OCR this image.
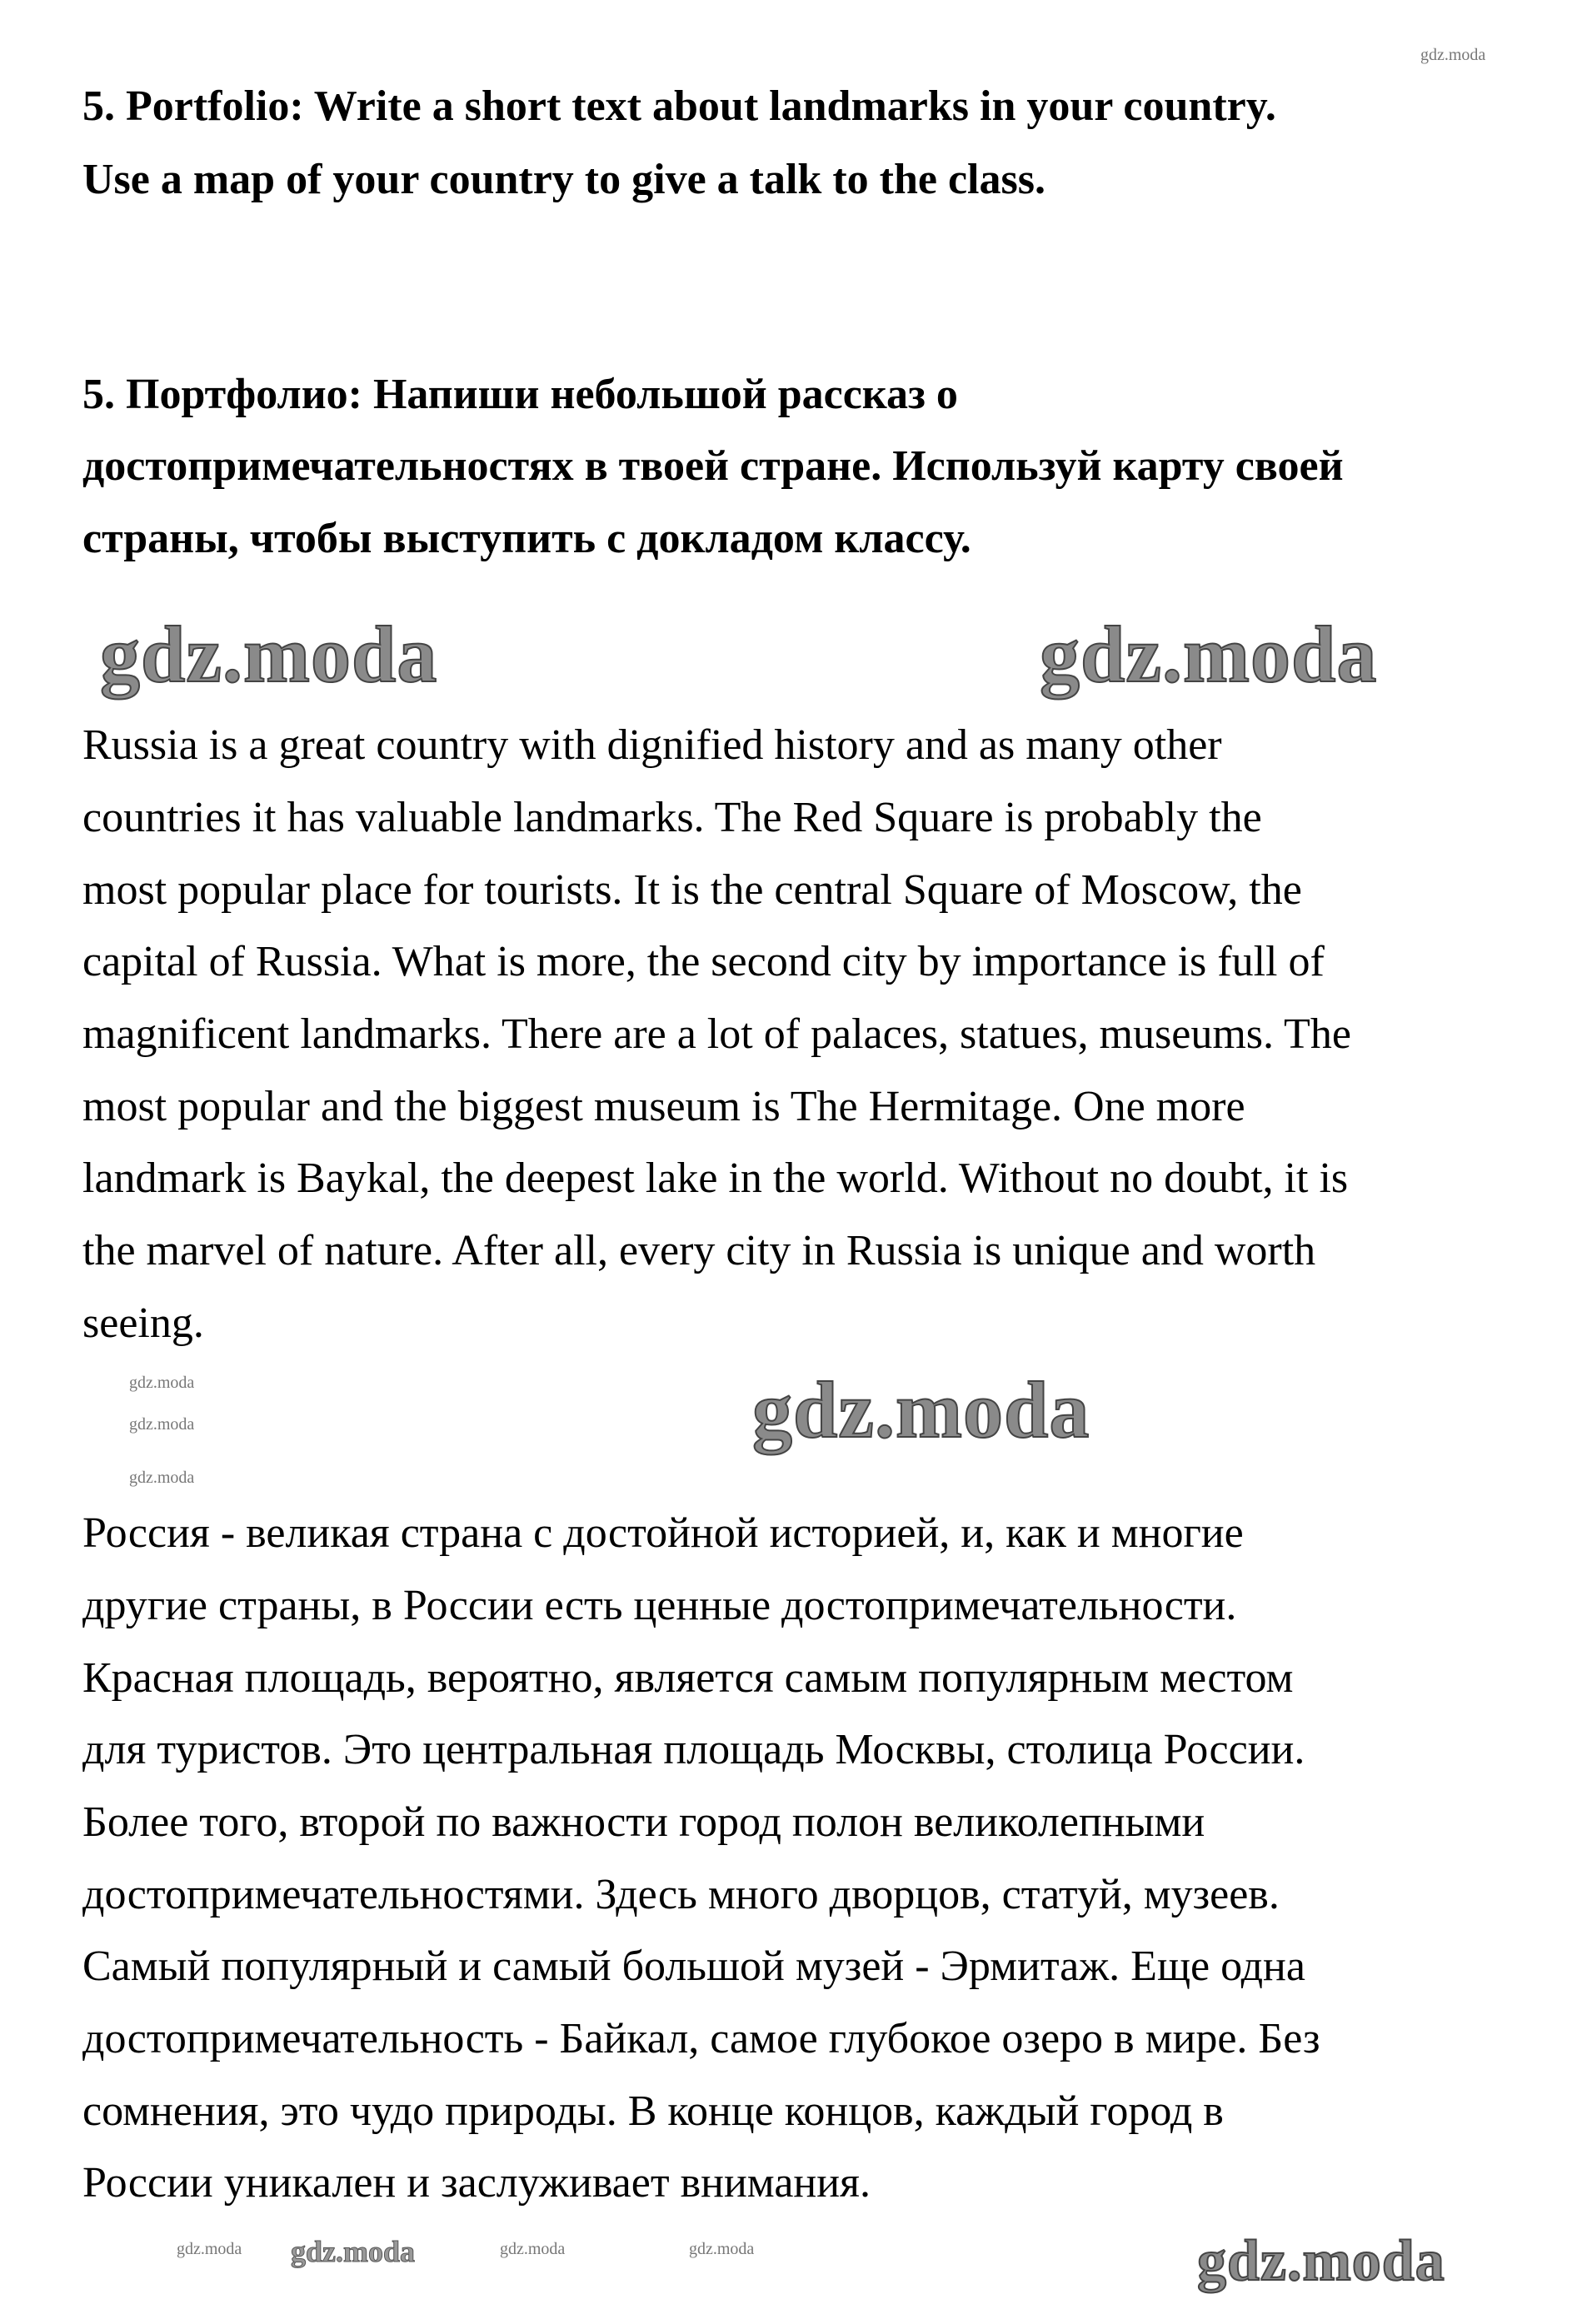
5. Portfolio: Write a short text about landmarks in your country.
Use a map of your country to give a talk to the class.
5. Портфолио: Напиши небольшой рассказ о
достопримечательностях в твоей стране. Используй карту своей
страны, чтобы выступить с докладом классу.
Russia is a great country with dignified history and as many other
countries it has valuable landmarks. The Red Square is probably the
most popular place for tourists. It is the central Square of Moscow, the
capital of Russia. What is more, the second city by importance is full of
magnificent landmarks. There are a lot of palaces, statues, museums. The
most popular and the biggest museum is The Hermitage. One more
landmark is Baykal, the deepest lake in the world. Without no doubt, it is
the marvel of nature. After all, every city in Russia is unique and worth
seeing.
Россия - великая страна с достойной историей, и, как и многие
другие страны, в России есть ценные достопримечательности.
Красная площадь, вероятно, является самым популярным местом
для туристов. Это центральная площадь Москвы, столица России.
Более того, второй по важности город полон великолепными
достопримечательностями. Здесь много дворцов, статуй, музеев.
Самый популярный и самый большой музей - Эрмитаж. Еще одна
достопримечательность - Байкал, самое глубокое озеро в мире. Без
сомнения, это чудо природы. В конце концов, каждый город в
России уникален и заслуживает внимания.
gdz.moda
gdz.moda	gdz.moda
gdz.moda	gdz.moda
gdz.moda
gdz.moda
gdz.moda	gdz.moda
gdz.moda	gdz.moda	gdz.moda
